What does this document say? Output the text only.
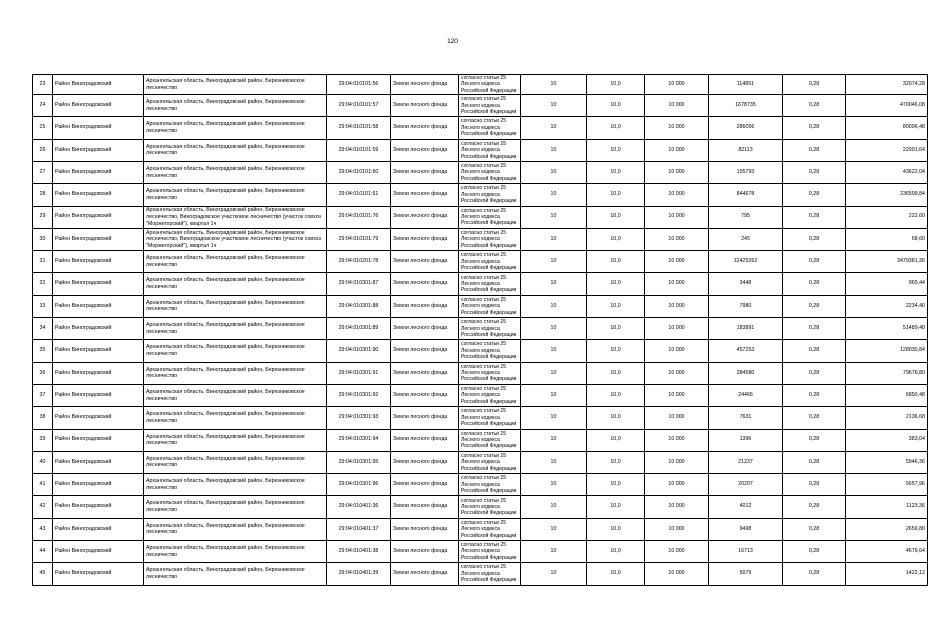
120
23	Район Виноградовский	Архангельская область, Виноградовский район, Березниковское лесничество	29:04:010101:56	Земли лесного фонда	согласно статьи 25 Лесного кодекса Российской Федерации	10	10,0	10 000	114851	0,28	32074,28
24	Район Виноградовский	Архангельская область, Виноградовский район, Березниковское лесничество	29:04:010101:57	Земли лесного фонда	согласно статьи 25 Лесного кодекса Российской Федерации	10	10,0	10 000	1678735	0,28	470046,08
25	Район Виноградовский	Архангельская область, Виноградовский район, Березниковское лесничество	29:04:010101:58	Земли лесного фонда	согласно статьи 25 Лесного кодекса Российской Федерации	10	10,0	10 000	286056	0,28	80096,48
26	Район Виноградовский	Архангельская область, Виноградовский район, Березниковское лесничество	29:04:010101:59	Земли лесного фонда	согласно статьи 25 Лесного кодекса Российской Федерации	10	10,0	10 000	82113	0,28	22991,64
27	Район Виноградовский	Архангельская область, Виноградовский район, Березниковское лесничество	29:04:010101:60	Земли лесного фонда	согласно статьи 25 Лесного кодекса Российской Федерации	10	10,0	10 000	155793	0,28	43622,04
28	Район Виноградовский	Архангельская область, Виноградовский район, Березниковское лесничество	29:04:010101:61	Земли лесного фонда	согласно статьи 25 Лесного кодекса Российской Федерации	10	10,0	10 000	844678	0,28	236509,84
29	Район Виноградовский	Архангельская область, Виноградовский район, Березниковское лесничество, Виноградовское участковое лесничество (участок совхоз "Моржегорский"), квартал 1ч	29:04:010101:76	Земли лесного фонда	согласно статьи 25 Лесного кодекса Российской Федерации	10	10,0	10 000	795	0,28	222,60
30	Район Виноградовский	Архангельская область, Виноградовский район, Березниковское лесничество, Виноградовское участковое лесничество (участок совхоз "Моржегорский"), квартал 1ч	29:04:010101:79	Земли лесного фонда	согласно статьи 25 Лесного кодекса Российской Федерации	10	10,0	10 000	245	0,28	68,60
31	Район Виноградовский	Архангельская область, Виноградовский район, Березниковское лесничество	29:04:010201:78	Земли лесного фонда	согласно статьи 25 Лесного кодекса Российской Федерации	10	10,0	10 000	12425262	0,28	3479381,36
32	Район Виноградовский	Архангельская область, Виноградовский район, Березниковское лесничество	29:04:010301:87	Земли лесного фонда	согласно статьи 25 Лесного кодекса Российской Федерации	10	10,0	10 000	3448	0,28	965,44
33	Район Виноградовский	Архангельская область, Виноградовский район, Березниковское лесничество	29:04:010301:88	Земли лесного фонда	согласно статьи 25 Лесного кодекса Российской Федерации	10	10,0	10 000	7980	0,28	2234,40
34	Район Виноградовский	Архангельская область, Виноградовский район, Березниковское лесничество	29:04:010301:89	Земли лесного фонда	согласно статьи 25 Лесного кодекса Российской Федерации	10	10,0	10 000	183891	0,28	51489,48
35	Район Виноградовский	Архангельская область, Виноградовский район, Березниковское лесничество	29:04:010301:90	Земли лесного фонда	согласно статьи 25 Лесного кодекса Российской Федерации	10	10,0	10 000	457253	0,28	128030,84
36	Район Виноградовский	Архангельская область, Виноградовский район, Березниковское лесничество	29:04:010301:91	Земли лесного фонда	согласно статьи 25 Лесного кодекса Российской Федерации	10	10,0	10 000	284580	0,28	79676,80
37	Район Виноградовский	Архангельская область, Виноградовский район, Березниковское лесничество	29:04:010301:92	Земли лесного фонда	согласно статьи 25 Лесного кодекса Российской Федерации	10	10,0	10 000	24466	0,28	6850,48
38	Район Виноградовский	Архангельская область, Виноградовский район, Березниковское лесничество	29:04:010301:93	Земли лесного фонда	согласно статьи 25 Лесного кодекса Российской Федерации	10	10,0	10 000	7631	0,28	2136,68
39	Район Виноградовский	Архангельская область, Виноградовский район, Березниковское лесничество	29:04:010301:94	Земли лесного фонда	согласно статьи 25 Лесного кодекса Российской Федерации	10	10,0	10 000	1396	0,28	383,04
40	Район Виноградовский	Архангельская область, Виноградовский район, Березниковское лесничество	29:04:010301:95	Земли лесного фонда	согласно статьи 25 Лесного кодекса Российской Федерации	10	10,0	10 000	21237	0,28	5946,36
41	Район Виноградовский	Архангельская область, Виноградовский район, Березниковское лесничество	29:04:010301:96	Земли лесного фонда	согласно статьи 25 Лесного кодекса Российской Федерации	10	10,0	10 000	20207	0,28	5657,96
42	Район Виноградовский	Архангельская область, Виноградовский район, Березниковское лесничество	29:04:010401:36	Земли лесного фонда	согласно статьи 25 Лесного кодекса Российской Федерации	10	10,0	10 000	4012	0,28	1123,36
43	Район Виноградовский	Архангельская область, Виноградовский район, Березниковское лесничество	29:04:010401:37	Земли лесного фонда	согласно статьи 25 Лесного кодекса Российской Федерации	10	10,0	10 000	9498	0,28	2659,80
44	Район Виноградовский	Архангельская область, Виноградовский район, Березниковское лесничество	29:04:010401:38	Земли лесного фонда	согласно статьи 25 Лесного кодекса Российской Федерации	10	10,0	10 000	16713	0,28	4679,64
45	Район Виноградовский	Архангельская область, Виноградовский район, Березниковское лесничество	29:04:010401:39	Земли лесного фонда	согласно статьи 25 Лесного кодекса Российской Федерации	10	10,0	10 000	5079	0,28	1422,12
